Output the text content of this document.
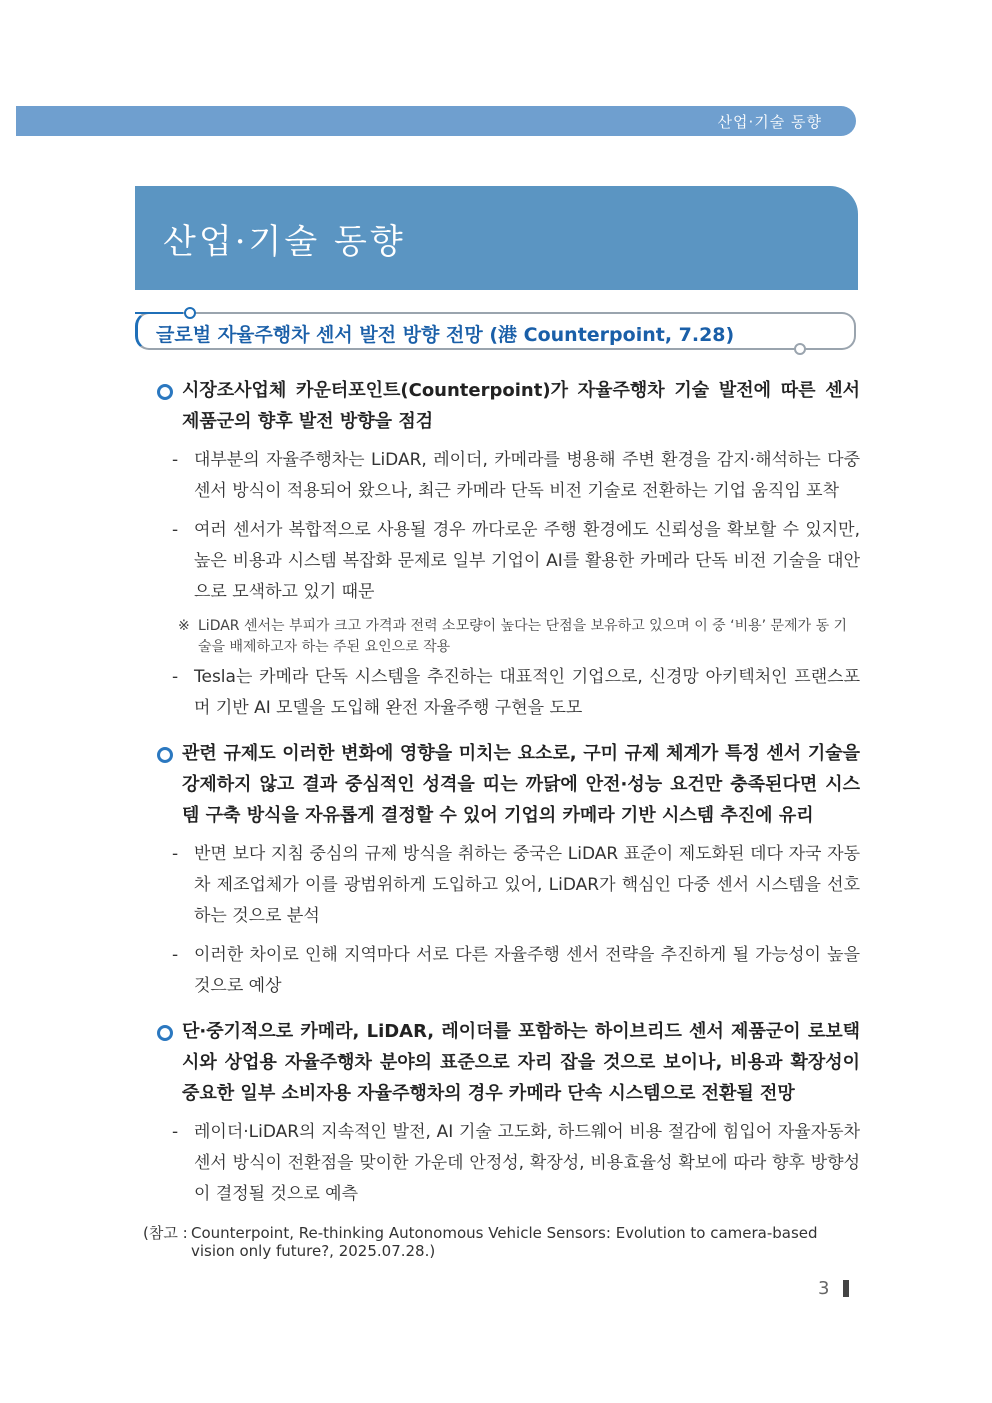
산업·기술 동향
산업·기술 동향
글로벌 자율주행차 센서 발전 방향 전망 (港 Counterpoint, 7.28)
시장조사업체 카운터포인트(Counterpoint)가 자율주행차 기술 발전에 따른 센서 제품군의 향후 발전 방향을 점검
- 대부분의 자율주행차는 LiDAR, 레이더, 카메라를 병용해 주변 환경을 감지·해석하는 다중 센서 방식이 적용되어 왔으나, 최근 카메라 단독 비전 기술로 전환하는 기업 움직임 포착
- 여러 센서가 복합적으로 사용될 경우 까다로운 주행 환경에도 신뢰성을 확보할 수 있지만, 높은 비용과 시스템 복잡화 문제로 일부 기업이 AI를 활용한 카메라 단독 비전 기술을 대안으로 모색하고 있기 때문
※ LiDAR 센서는 부피가 크고 가격과 전력 소모량이 높다는 단점을 보유하고 있으며 이 중 ‘비용’ 문제가 동 기술을 배제하고자 하는 주된 요인으로 작용
- Tesla는 카메라 단독 시스템을 추진하는 대표적인 기업으로, 신경망 아키텍처인 프랜스포머 기반 AI 모델을 도입해 완전 자율주행 구현을 도모
관련 규제도 이러한 변화에 영향을 미치는 요소로, 구미 규제 체계가 특정 센서 기술을 강제하지 않고 결과 중심적인 성격을 띠는 까닭에 안전·성능 요건만 충족된다면 시스템 구축 방식을 자유롭게 결정할 수 있어 기업의 카메라 기반 시스템 추진에 유리
- 반면 보다 지침 중심의 규제 방식을 취하는 중국은 LiDAR 표준이 제도화된 데다 자국 자동차 제조업체가 이를 광범위하게 도입하고 있어, LiDAR가 핵심인 다중 센서 시스템을 선호하는 것으로 분석
- 이러한 차이로 인해 지역마다 서로 다른 자율주행 센서 전략을 추진하게 될 가능성이 높을 것으로 예상
단·중기적으로 카메라, LiDAR, 레이더를 포함하는 하이브리드 센서 제품군이 로보택시와 상업용 자율주행차 분야의 표준으로 자리 잡을 것으로 보이나, 비용과 확장성이 중요한 일부 소비자용 자율주행차의 경우 카메라 단속 시스템으로 전환될 전망
- 레이더·LiDAR의 지속적인 발전, AI 기술 고도화, 하드웨어 비용 절감에 힘입어 자율자동차 센서 방식이 전환점을 맞이한 가운데 안정성, 확장성, 비용효율성 확보에 따라 향후 방향성이 결정될 것으로 예측
(참고 : Counterpoint, Re-thinking Autonomous Vehicle Sensors: Evolution to camera-based vision only future?, 2025.07.28.)
3
